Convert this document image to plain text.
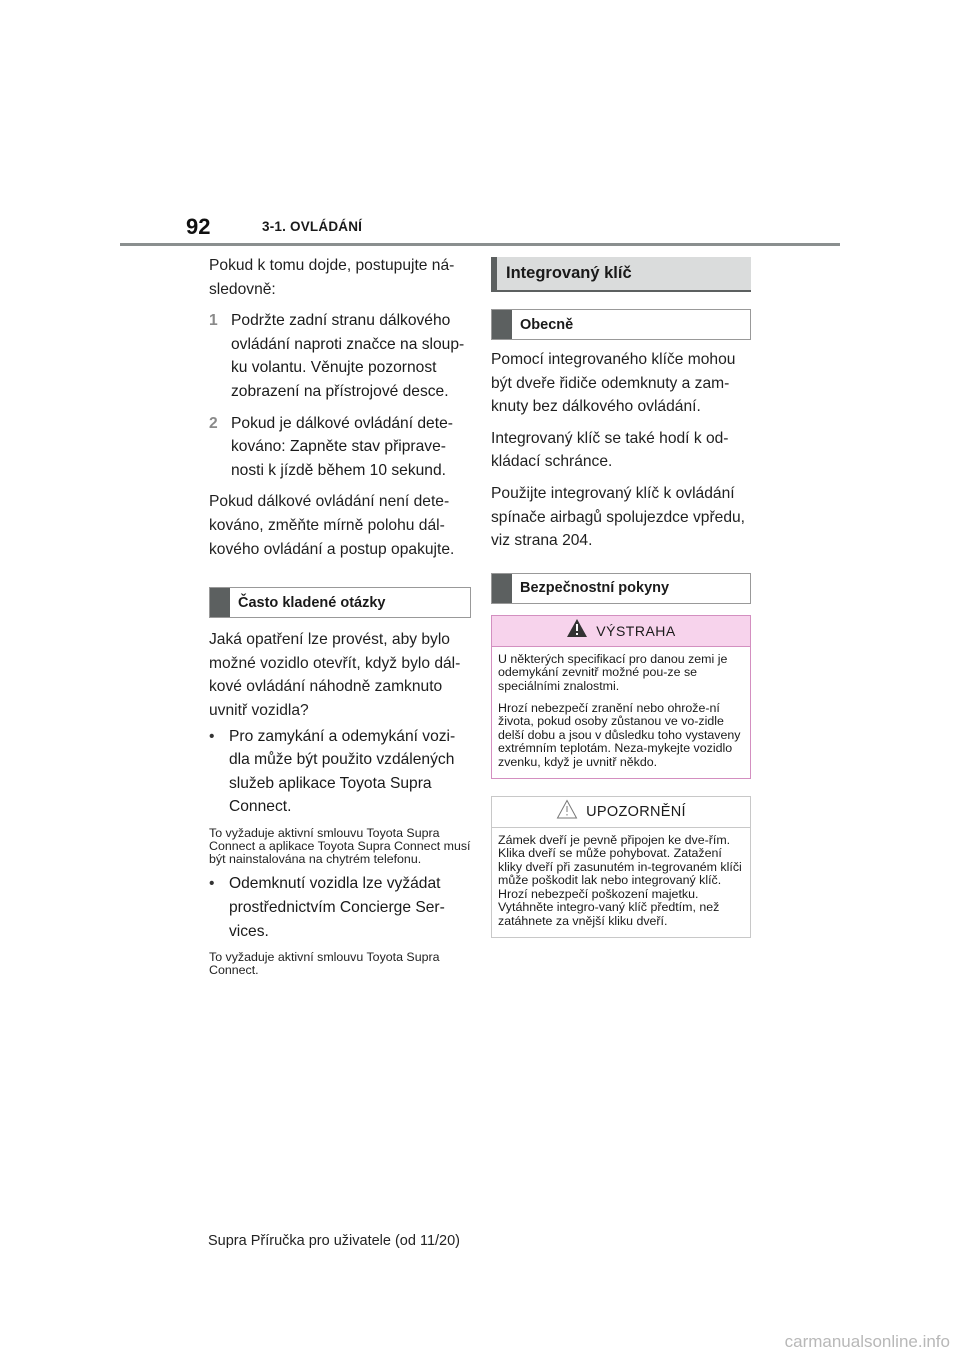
92	3-1. OVLÁDÁNÍ

Pokud k tomu dojde, postupujte ná-sledovně:

1 Podržte zadní stranu dálkového ovládání naproti značce na sloup-ku volantu. Věnujte pozornost zobrazení na přístrojové desce.
2 Pokud je dálkové ovládání dete-kováno: Zapněte stav připrave-nosti k jízdě během 10 sekund.

Pokud dálkové ovládání není dete-kováno, změňte mírně polohu dál-kového ovládání a postup opakujte.

Často kladené otázky

Jaká opatření lze provést, aby bylo možné vozidlo otevřít, když bylo dál-kové ovládání náhodně zamknuto uvnitř vozidla?

• Pro zamykání a odemykání vozi-dla může být použito vzdálených služeb aplikace Toyota Supra Connect.

To vyžaduje aktivní smlouvu Toyota Supra Connect a aplikace Toyota Supra Connect musí být nainstalována na chytrém telefonu.

• Odemknutí vozidla lze vyžádat prostřednictvím Concierge Ser-vices.

To vyžaduje aktivní smlouvu Toyota Supra Connect.

Integrovaný klíč
Obecně

Pomocí integrovaného klíče mohou být dveře řidiče odemknuty a zam-knuty bez dálkového ovládání.

Integrovaný klíč se také hodí k od-kládací schránce.

Použijte integrovaný klíč k ovládání spínače airbagů spolujezdce vpředu, viz strana 204.

Bezpečnostní pokyny
VÝSTRAHA

U některých specifikací pro danou zemi je odemykání zevnitř možné pou-ze se speciálními znalostmi.

Hrozí nebezpečí zranění nebo ohrože-ní života, pokud osoby zůstanou ve vo-zidle delší dobu a jsou v důsledku toho vystaveny extrémním teplotám. Neza-mykejte vozidlo zvenku, když je uvnitř někdo.

UPOZORNĚNÍ

Zámek dveří je pevně připojen ke dve-řím. Klika dveří se může pohybovat. Zatažení kliky dveří při zasunutém in-tegrovaném klíči může poškodit lak nebo integrovaný klíč. Hrozí nebezpečí poškození majetku. Vytáhněte integro-vaný klíč předtím, než zatáhnete za vnější kliku dveří.

Supra Příručka pro uživatele (od 11/20)
carmanualsonline.info
